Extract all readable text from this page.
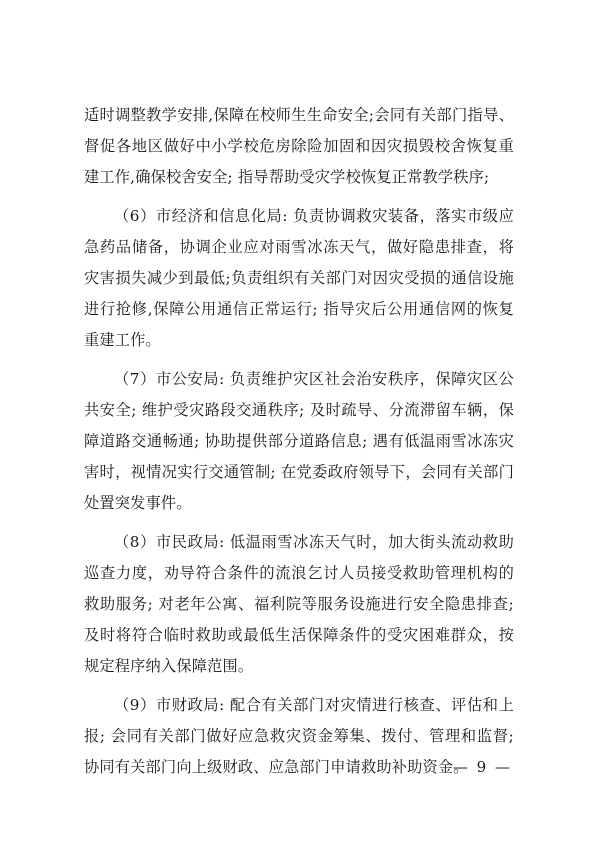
适时调整教学安排,保障在校师生生命安全;会同有关部门指导、督促各地区做好中小学校危房除险加固和因灾损毁校舍恢复重建工作,确保校舍安全; 指导帮助受灾学校恢复正常教学秩序;

（6）市经济和信息化局: 负责协调救灾装备，落实市级应急药品储备，协调企业应对雨雪冰冻天气，做好隐患排查，将灾害损失减少到最低;负责组织有关部门对因灾受损的通信设施进行抢修,保障公用通信正常运行; 指导灾后公用通信网的恢复重建工作。

（7）市公安局: 负责维护灾区社会治安秩序，保障灾区公共安全; 维护受灾路段交通秩序; 及时疏导、分流滞留车辆，保障道路交通畅通; 协助提供部分道路信息; 遇有低温雨雪冰冻灾害时，视情况实行交通管制; 在党委政府领导下，会同有关部门处置突发事件。

（8）市民政局: 低温雨雪冰冻天气时，加大街头流动救助巡查力度，劝导符合条件的流浪乞讨人员接受救助管理机构的救助服务; 对老年公寓、福利院等服务设施进行安全隐患排查; 及时将符合临时救助或最低生活保障条件的受灾困难群众，按规定程序纳入保障范围。

（9）市财政局: 配合有关部门对灾情进行核查、评估和上报; 会同有关部门做好应急救灾资金筹集、拨付、管理和监督; 协同有关部门向上级财政、应急部门申请救助补助资金。

— 9 —
